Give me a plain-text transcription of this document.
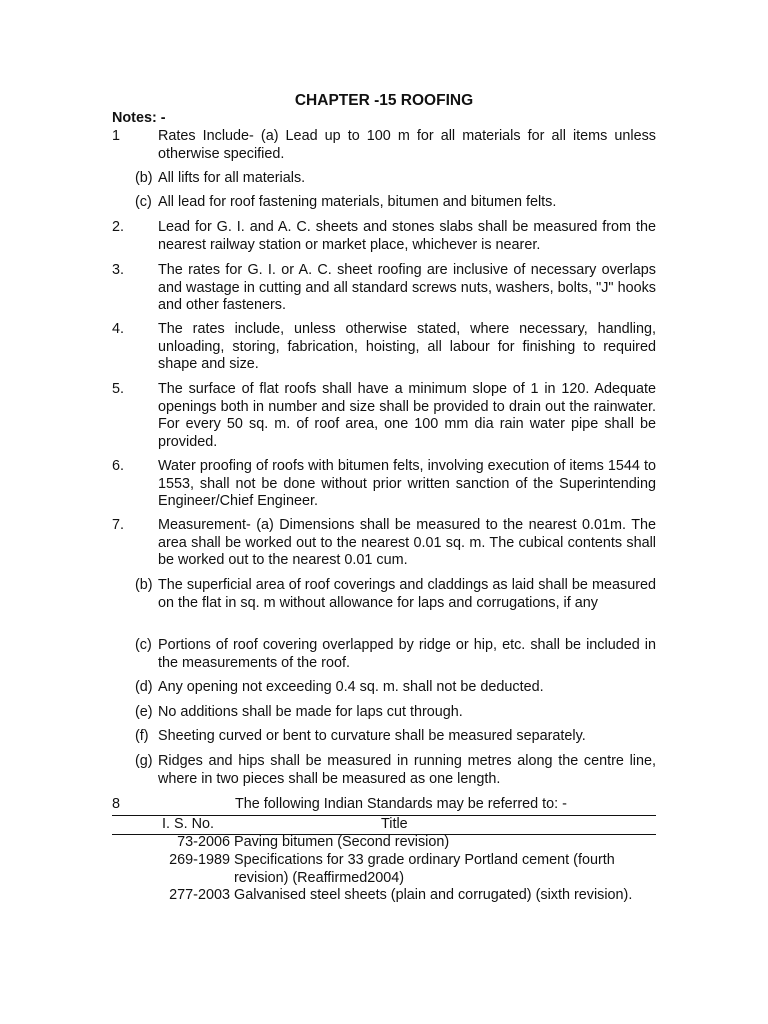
CHAPTER -15 ROOFING
Notes: -
1	Rates Include- (a) Lead up to 100 m for all materials for all items unless otherwise specified.
(b) All lifts for all materials.
(c) All lead for roof fastening materials, bitumen and bitumen felts.
2. Lead for G. I. and A. C. sheets and stones slabs shall be measured from the nearest railway station or market place, whichever is nearer.
3. The rates for G. I. or A. C. sheet roofing are inclusive of necessary overlaps and wastage in cutting and all standard screws nuts, washers, bolts, "J" hooks and other fasteners.
4. The rates include, unless otherwise stated, where necessary, handling, unloading, storing, fabrication, hoisting, all labour for finishing to required shape and size.
5. The surface of flat roofs shall have a minimum slope of 1 in 120. Adequate openings both in number and size shall be provided to drain out the rainwater. For every 50 sq. m. of roof area, one 100 mm dia rain water pipe shall be provided.
6. Water proofing of roofs with bitumen felts, involving execution of items 1544 to 1553, shall not be done without prior written sanction of the Superintending Engineer/Chief Engineer.
7. Measurement- (a) Dimensions shall be measured to the nearest 0.01m. The area shall be worked out to the nearest 0.01 sq. m. The cubical contents shall be worked out to the nearest 0.01 cum.
(b) The superficial area of roof coverings and claddings as laid shall be measured on the flat in sq. m without allowance for laps and corrugations, if any
(c) Portions of roof covering overlapped by ridge or hip, etc. shall be included in the measurements of the roof.
(d) Any opening not exceeding 0.4 sq. m. shall not be deducted.
(e) No additions shall be made for laps cut through.
(f) Sheeting curved or bent to curvature shall be measured separately.
(g) Ridges and hips shall be measured in running metres along the centre line, where in two pieces shall be measured as one length.
8	The following Indian Standards may be referred to: -
I. S. No.	Title
73-2006 Paving bitumen (Second revision)
269-1989 Specifications for 33 grade ordinary Portland cement (fourth revision) (Reaffirmed2004)
277-2003 Galvanised steel sheets (plain and corrugated) (sixth revision).
